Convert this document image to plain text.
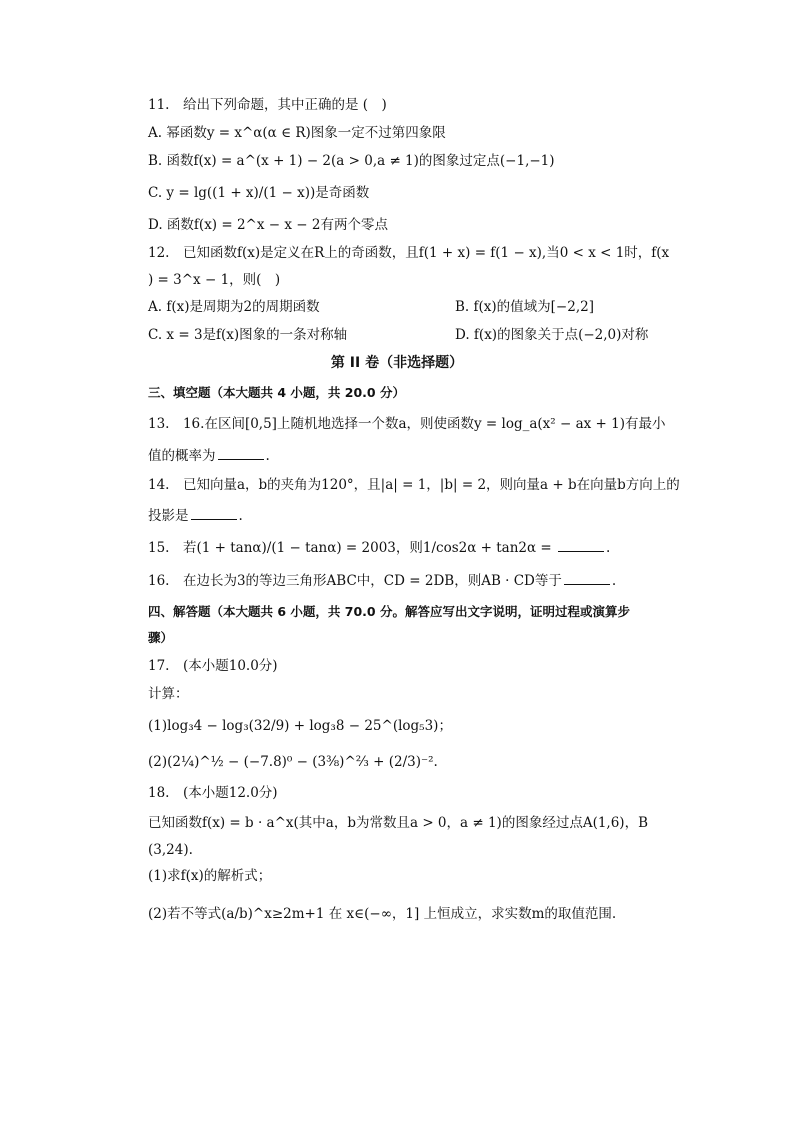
11.　给出下列命题，其中正确的是 (　)
A. 幂函数y = x^α(α ∈ R)图象一定不过第四象限
B. 函数f(x) = a^(x + 1) − 2(a > 0,a ≠ 1)的图象过定点(−1,−1)
C. y = lg((1 + x)/(1 − x))是奇函数
D. 函数f(x) = 2^x − x − 2有两个零点
12.　已知函数f(x)是定义在R上的奇函数，且f(1 + x) = f(1 − x),当0 < x < 1时，f(x
) = 3^x − 1，则(　)
A. f(x)是周期为2的周期函数	B. f(x)的值域为[−2,2]
C. x = 3是f(x)图象的一条对称轴	D. f(x)的图象关于点(−2,0)对称
第 II 卷（非选择题）
三、填空题（本大题共 4 小题，共 20.0 分）
13.　16.在区间[0,5]上随机地选择一个数a，则使函数y = log_a(x² − ax + 1)有最小
值的概率为	.
14.　已知向量a，b的夹角为120°，且|a| = 1，|b| = 2，则向量a + b在向量b方向上的
投影是	.
15.　若(1 + tanα)/(1 − tanα) = 2003，则1/cos2α + tan2α =	.
16.　在边长为3的等边三角形ABC中，CD = 2DB，则AB · CD等于	.
四、解答题（本大题共 6 小题，共 70.0 分。解答应写出文字说明，证明过程或演算步
骤）
17.　(本小题10.0分)
计算：
(1)log₃4 − log₃(32/9) + log₃8 − 25^(log₅3)；
(2)(2¼)^½ − (−7.8)⁰ − (3⅜)^⅔ + (2/3)⁻².
18.　(本小题12.0分)
已知函数f(x) = b · a^x(其中a，b为常数且a > 0，a ≠ 1)的图象经过点A(1,6)，B
(3,24).
(1)求f(x)的解析式；
(2)若不等式(a/b)^x≥2m+1 在 x∈(−∞，1] 上恒成立，求实数m的取值范围.
